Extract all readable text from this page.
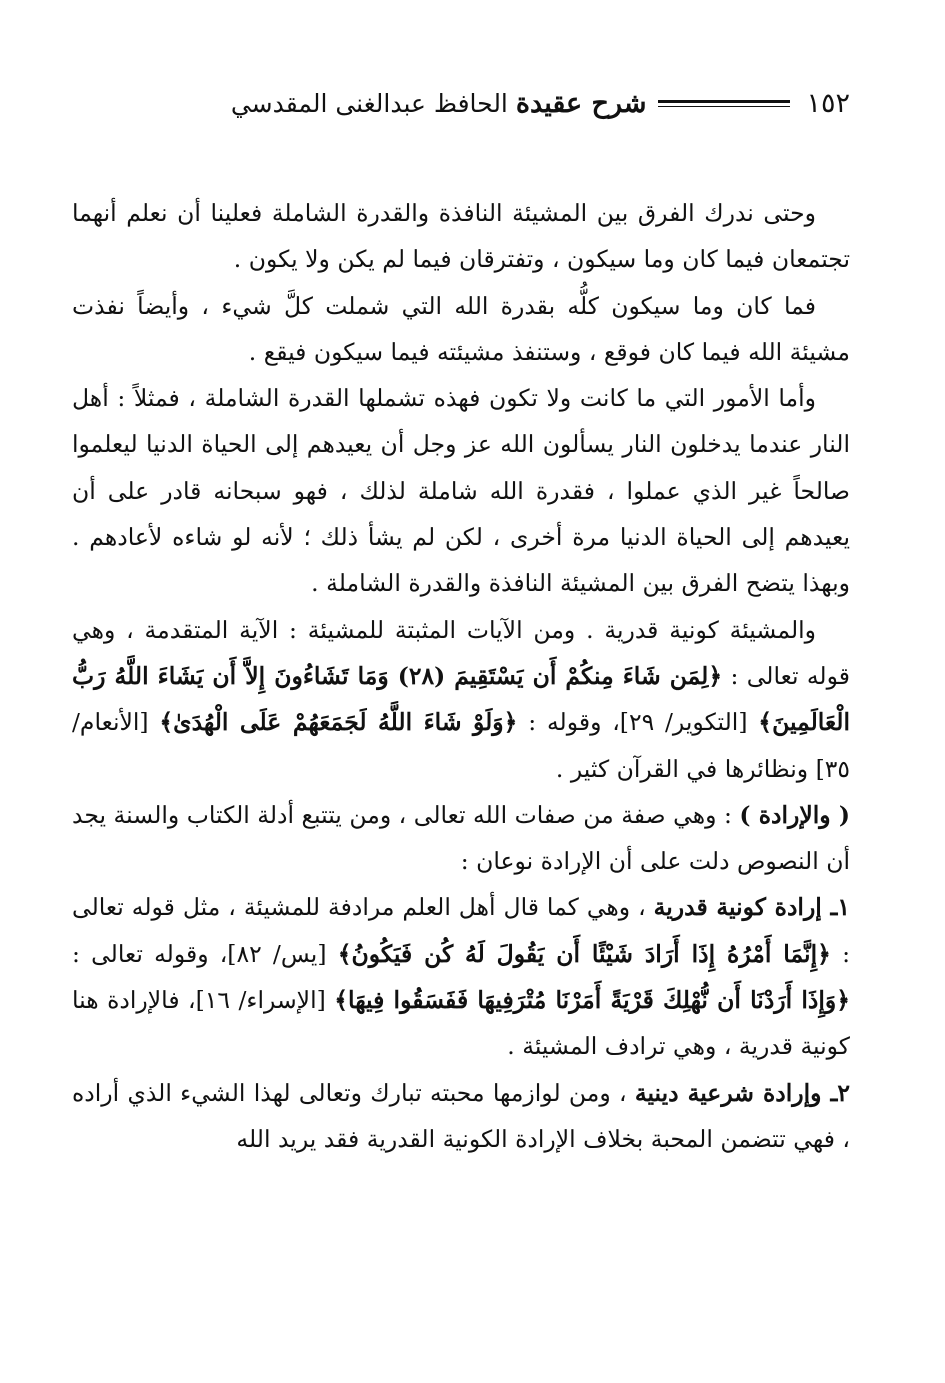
١٥٢
شرح عقيدة
الحافظ عبدالغنى المقدسي

وحتى ندرك الفرق بين المشيئة النافذة والقدرة الشاملة فعلينا أن نعلم أنهما تجتمعان فيما كان وما سيكون ، وتفترقان فيما لم يكن ولا يكون .

فما كان وما سيكون كلُّه بقدرة الله التي شملت كلَّ شيء ، وأيضاً نفذت مشيئة الله فيما كان فوقع ، وستنفذ مشيئته فيما سيكون فيقع .

وأما الأمور التي ما كانت ولا تكون فهذه تشملها القدرة الشاملة ، فمثلاً : أهل النار عندما يدخلون النار يسألون الله عز وجل أن يعيدهم إلى الحياة الدنيا ليعلموا صالحاً غير الذي عملوا ، فقدرة الله شاملة لذلك ، فهو سبحانه قادر على أن يعيدهم إلى الحياة الدنيا مرة أخرى ، لكن لم يشأ ذلك ؛ لأنه لو شاءه لأعادهم . وبهذا يتضح الفرق بين المشيئة النافذة والقدرة الشاملة .

والمشيئة كونية قدرية . ومن الآيات المثبتة للمشيئة : الآية المتقدمة ، وهي قوله تعالى : ﴿لِمَن شَاءَ مِنكُمْ أَن يَسْتَقِيمَ (٢٨) وَمَا تَشَاءُونَ إِلاَّ أَن يَشَاءَ اللَّهُ رَبُّ الْعَالَمِينَ﴾ [التكوير/ ٢٩]، وقوله : ﴿وَلَوْ شَاءَ اللَّهُ لَجَمَعَهُمْ عَلَى الْهُدَىٰ﴾ [الأنعام/ ٣٥] ونظائرها في القرآن كثير .

( والإرادة ) : وهي صفة من صفات الله تعالى ، ومن يتتبع أدلة الكتاب والسنة يجد أن النصوص دلت على أن الإرادة نوعان :

١ـ إرادة كونية قدرية ، وهي كما قال أهل العلم مرادفة للمشيئة ، مثل قوله تعالى : ﴿إِنَّمَا أَمْرُهُ إِذَا أَرَادَ شَيْئًا أَن يَقُولَ لَهُ كُن فَيَكُونُ﴾ [يس/ ٨٢]، وقوله تعالى : ﴿وَإِذَا أَرَدْنَا أَن نُّهْلِكَ قَرْيَةً أَمَرْنَا مُتْرَفِيهَا فَفَسَقُوا فِيهَا﴾ [الإسراء/ ١٦]، فالإرادة هنا كونية قدرية ، وهي ترادف المشيئة .

٢ـ وإرادة شرعية دينية ، ومن لوازمها محبته تبارك وتعالى لهذا الشيء الذي أراده ، فهي تتضمن المحبة بخلاف الإرادة الكونية القدرية فقد يريد الله
